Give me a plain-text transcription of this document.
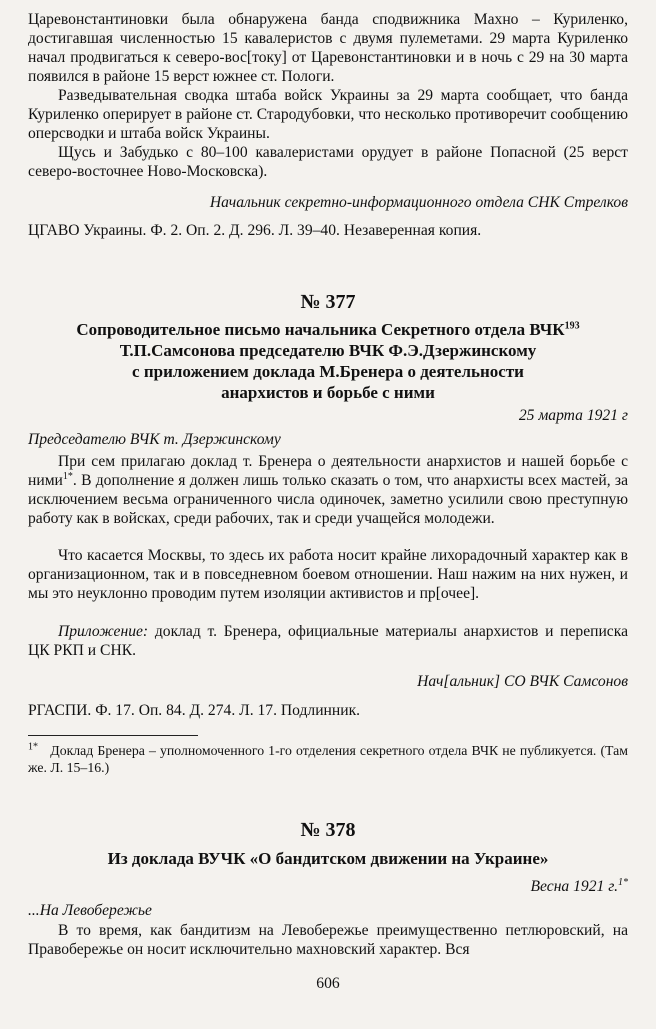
Царевонстантиновки была обнаружена банда сподвижника Махно – Куриленко, достигавшая численностью 15 кавалеристов с двумя пулеметами. 29 марта Куриленко начал продвигаться к северо-вос[току] от Царевонстантиновки и в ночь с 29 на 30 марта появился в районе 15 верст южнее ст. Пологи.

Разведывательная сводка штаба войск Украины за 29 марта сообщает, что банда Куриленко оперирует в районе ст. Стародубовки, что несколько противоречит сообщению оперсводки и штаба войск Украины.

Щусь и Забудько с 80–100 кавалеристами орудует в районе Попасной (25 верст северо-восточнее Ново-Московска).

Начальник секретно-информационного отдела СНК Стрелков

ЦГАВО Украины. Ф. 2. Оп. 2. Д. 296. Л. 39–40. Незаверенная копия.

№ 377

Сопроводительное письмо начальника Секретного отдела ВЧК$^{193}$
Т.П.Самсонова председателю ВЧК Ф.Э.Дзержинскому
с приложением доклада М.Бренера о деятельности
анархистов и борьбе с ними

25 марта 1921 г

Председателю ВЧК т. Дзержинскому

При сем прилагаю доклад т. Бренера о деятельности анархистов и нашей борьбе с ними$^{1*}$. В дополнение я должен лишь только сказать о том, что анархисты всех мастей, за исключением весьма ограниченного числа одиночек, заметно усилили свою преступную работу как в войсках, среди рабочих, так и среди учащейся молодежи.

Что касается Москвы, то здесь их работа носит крайне лихорадочный характер как в организационном, так и в повседневном боевом отношении. Наш нажим на них нужен, и мы это неуклонно проводим путем изоляции активистов и пр[очее].

Приложение: доклад т. Бренера, официальные материалы анархистов и переписка ЦК РКП и СНК.

Нач[альник] СО ВЧК Самсонов

РГАСПИ. Ф. 17. Оп. 84. Д. 274. Л. 17. Подлинник.

$^{1*}$ Доклад Бренера – уполномоченного 1-го отделения секретного отдела ВЧК не публикуется. (Там же. Л. 15–16.)

№ 378

Из доклада ВУЧК «О бандитском движении на Украине»

Весна 1921 г.$^{1*}$

...На Левобережье

В то время, как бандитизм на Левобережье преимущественно петлюровский, на Правобережье он носит исключительно махновский характер. Вся

606
